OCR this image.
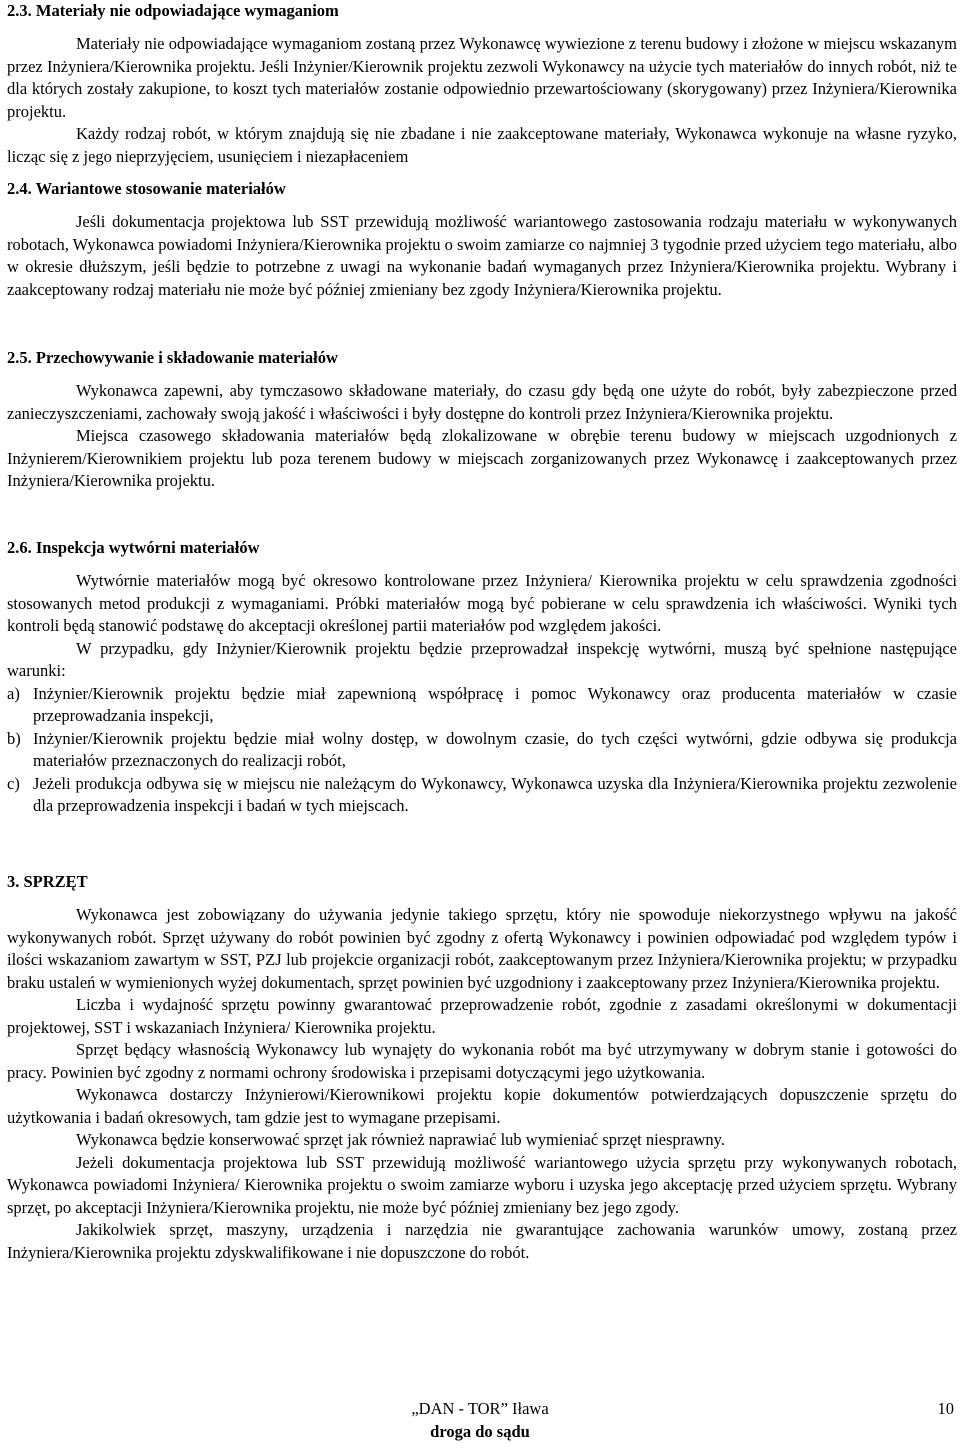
2.3. Materiały nie odpowiadające wymaganiom

Materiały nie odpowiadające wymaganiom zostaną przez Wykonawcę wywiezione z terenu budowy i złożone w miejscu wskazanym przez Inżyniera/Kierownika projektu. Jeśli Inżynier/Kierownik projektu zezwoli Wykonawcy na użycie tych materiałów do innych robót, niż te dla których zostały zakupione, to koszt tych materiałów zostanie odpowiednio przewartościowany (skorygowany) przez Inżyniera/Kierownika projektu.

Każdy rodzaj robót, w którym znajdują się nie zbadane i nie zaakceptowane materiały, Wykonawca wykonuje na własne ryzyko, licząc się z jego nieprzyjęciem, usunięciem i niezapłaceniem

2.4. Wariantowe stosowanie materiałów

Jeśli dokumentacja projektowa lub SST przewidują możliwość wariantowego zastosowania rodzaju materiału w wykonywanych robotach, Wykonawca powiadomi Inżyniera/Kierownika projektu o swoim zamiarze co najmniej 3 tygodnie przed użyciem tego materiału, albo w okresie dłuższym, jeśli będzie to potrzebne z uwagi na wykonanie badań wymaganych przez Inżyniera/Kierownika projektu. Wybrany i zaakceptowany rodzaj materiału nie może być później zmieniany bez zgody Inżyniera/Kierownika projektu.

2.5. Przechowywanie i składowanie materiałów

Wykonawca zapewni, aby tymczasowo składowane materiały, do czasu gdy będą one użyte do robót, były zabezpieczone przed zanieczyszczeniami, zachowały swoją jakość i właściwości i były dostępne do kontroli przez Inżyniera/Kierownika projektu.

Miejsca czasowego składowania materiałów będą zlokalizowane w obrębie terenu budowy w miejscach uzgodnionych z Inżynierem/Kierownikiem projektu lub poza terenem budowy w miejscach zorganizowanych przez Wykonawcę i zaakceptowanych przez Inżyniera/Kierownika projektu.

2.6. Inspekcja wytwórni materiałów

Wytwórnie materiałów mogą być okresowo kontrolowane przez Inżyniera/ Kierownika projektu w celu sprawdzenia zgodności stosowanych metod produkcji z wymaganiami. Próbki materiałów mogą być pobierane w celu sprawdzenia ich właściwości. Wyniki tych kontroli będą stanowić podstawę do akceptacji określonej partii materiałów pod względem jakości.

W przypadku, gdy Inżynier/Kierownik projektu będzie przeprowadzał inspekcję wytwórni, muszą być spełnione następujące warunki:

a) Inżynier/Kierownik projektu będzie miał zapewnioną współpracę i pomoc Wykonawcy oraz producenta materiałów w czasie przeprowadzania inspekcji,
b) Inżynier/Kierownik projektu będzie miał wolny dostęp, w dowolnym czasie, do tych części wytwórni, gdzie odbywa się produkcja materiałów przeznaczonych do realizacji robót,
c) Jeżeli produkcja odbywa się w miejscu nie należącym do Wykonawcy, Wykonawca uzyska dla Inżyniera/Kierownika projektu zezwolenie dla przeprowadzenia inspekcji i badań w tych miejscach.

3. SPRZĘT

Wykonawca jest zobowiązany do używania jedynie takiego sprzętu, który nie spowoduje niekorzystnego wpływu na jakość wykonywanych robót. Sprzęt używany do robót powinien być zgodny z ofertą Wykonawcy i powinien odpowiadać pod względem typów i ilości wskazaniom zawartym w SST, PZJ lub projekcie organizacji robót, zaakceptowanym przez Inżyniera/Kierownika projektu; w przypadku braku ustaleń w wymienionych wyżej dokumentach, sprzęt powinien być uzgodniony i zaakceptowany przez Inżyniera/Kierownika projektu.

Liczba i wydajność sprzętu powinny gwarantować przeprowadzenie robót, zgodnie z zasadami określonymi w dokumentacji projektowej, SST i wskazaniach Inżyniera/ Kierownika projektu.

Sprzęt będący własnością Wykonawcy lub wynajęty do wykonania robót ma być utrzymywany w dobrym stanie i gotowości do pracy. Powinien być zgodny z normami ochrony środowiska i przepisami dotyczącymi jego użytkowania.

Wykonawca dostarczy Inżynierowi/Kierownikowi projektu kopie dokumentów potwierdzających dopuszczenie sprzętu do użytkowania i badań okresowych, tam gdzie jest to wymagane przepisami.

Wykonawca będzie konserwować sprzęt jak również naprawiać lub wymieniać sprzęt niesprawny.

Jeżeli dokumentacja projektowa lub SST przewidują możliwość wariantowego użycia sprzętu przy wykonywanych robotach, Wykonawca powiadomi Inżyniera/ Kierownika projektu o swoim zamiarze wyboru i uzyska jego akceptację przed użyciem sprzętu. Wybrany sprzęt, po akceptacji Inżyniera/Kierownika projektu, nie może być później zmieniany bez jego zgody.

Jakikolwiek sprzęt, maszyny, urządzenia i narzędzia nie gwarantujące zachowania warunków umowy, zostaną przez Inżyniera/Kierownika projektu zdyskwalifikowane i nie dopuszczone do robót.

„DAN - TOR” Iława
droga do sądu
10
